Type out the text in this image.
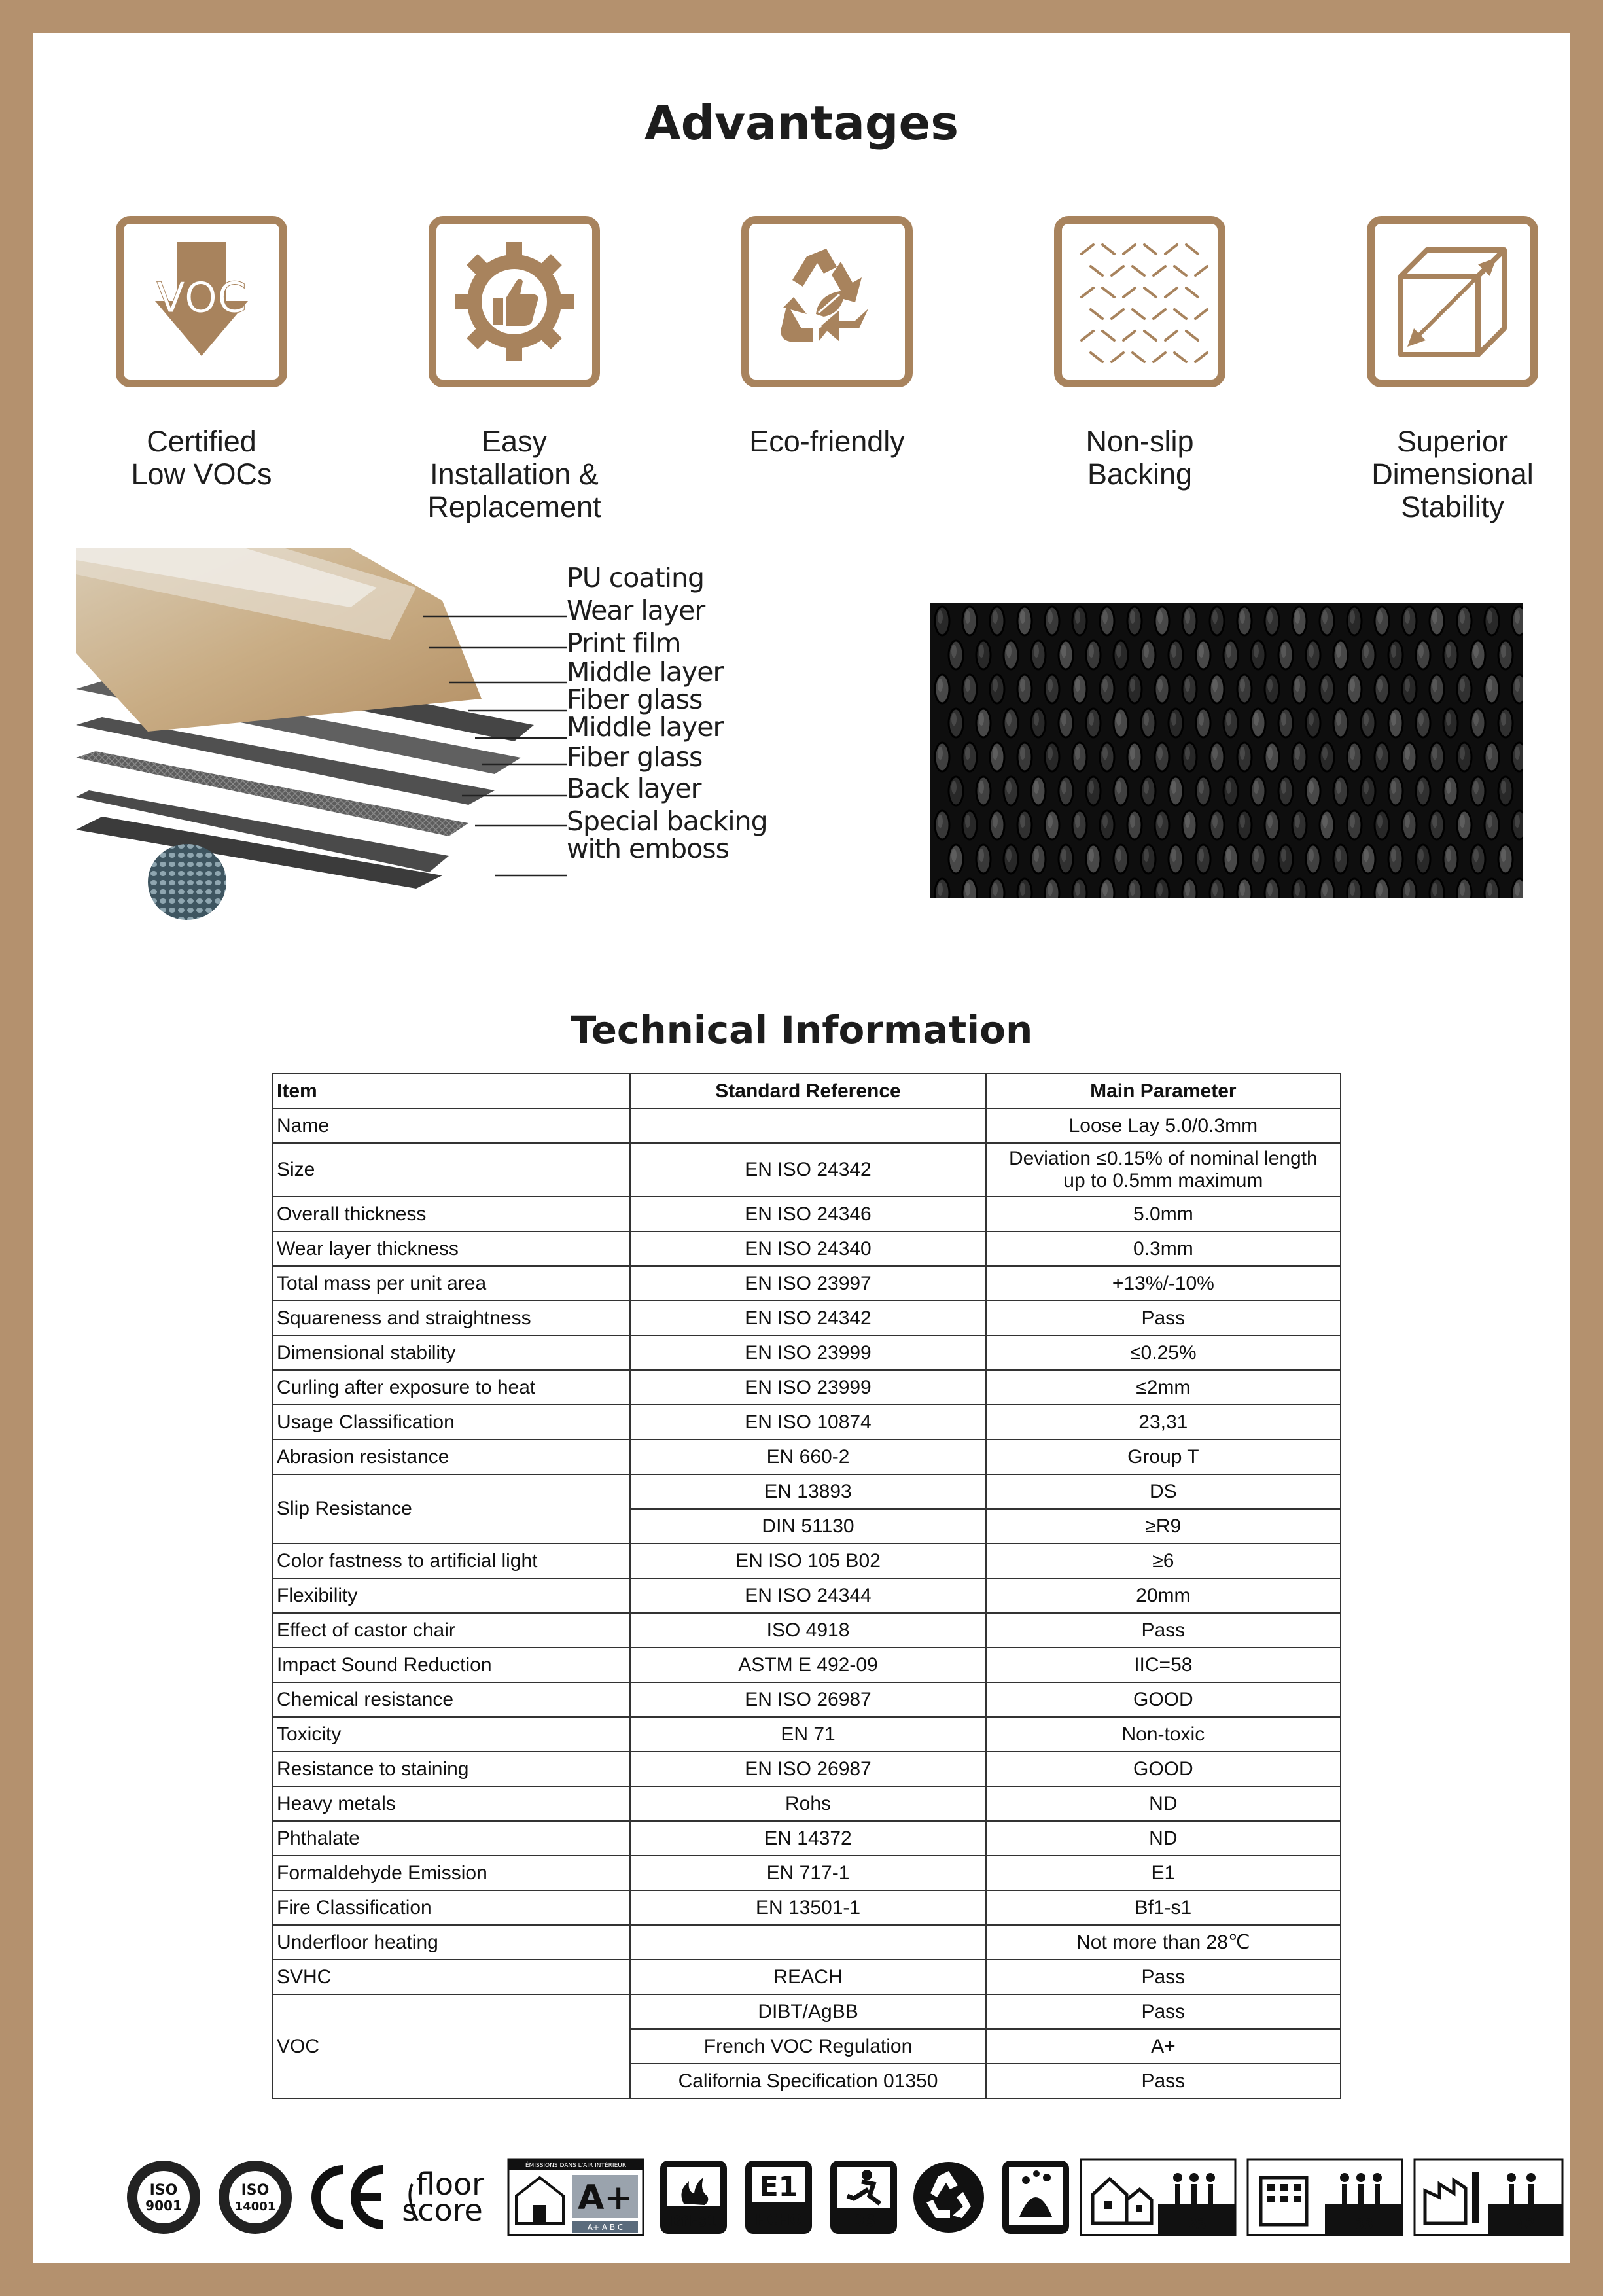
Advantages
VOC
Certified
Low VOCs
Easy
Installation &
Replacement
Eco-friendly	Non-slip
Backing
Superior
Dimensional
Stability
PU coating
Wear layer
Print film
Middle layer
Fiber glass
Middle layer
Fiber glass
Back layer
Special backing
with emboss
Technical Information
Item	Standard Reference	Main Parameter
Name		Loose Lay 5.0/0.3mm
Size	EN ISO 24342	Deviation ≤0.15% of nominal length
up to 0.5mm maximum

Overall thickness	EN ISO 24346	5.0mm
Wear layer thickness	EN ISO 24340	0.3mm
Total mass per unit area	EN ISO 23997	+13%/-10%
Squareness and straightness	EN ISO 24342	Pass
Dimensional stability	EN ISO 23999	≤0.25%
Curling after exposure to heat	EN ISO 23999	≤2mm
Usage Classification	EN ISO 10874	23,31
Abrasion resistance	EN 660-2	Group T
Slip Resistance	EN 13893	DS
	DIN 51130	≥R9
Color fastness to artificial light	EN ISO 105 B02	≥6
Flexibility	EN ISO 24344	20mm
Effect of castor chair	ISO 4918	Pass
Impact Sound Reduction	ASTM E 492-09	IIC=58
Chemical resistance	EN ISO 26987	GOOD
Toxicity	EN 71	Non-toxic
Resistance to staining	EN ISO 26987	GOOD
Heavy metals	Rohs	ND
Phthalate	EN 14372	ND
Formaldehyde Emission	EN 717-1	E1
Fire Classification	EN 13501-1	Bf1-s1
Underfloor heating		Not more than 28℃
SVHC	REACH	Pass
VOC	DIBT/AgBB	Pass
	French VOC Regulation	A+
	California Specification 01350	Pass
ISO
9001
ISO
14001
floor
score
ÉMISSIONS DANS L'AIR INTÉRIEUR
A+
A+ A B C	Bfl-s1
E1
HCHO	DS	23	33	42
